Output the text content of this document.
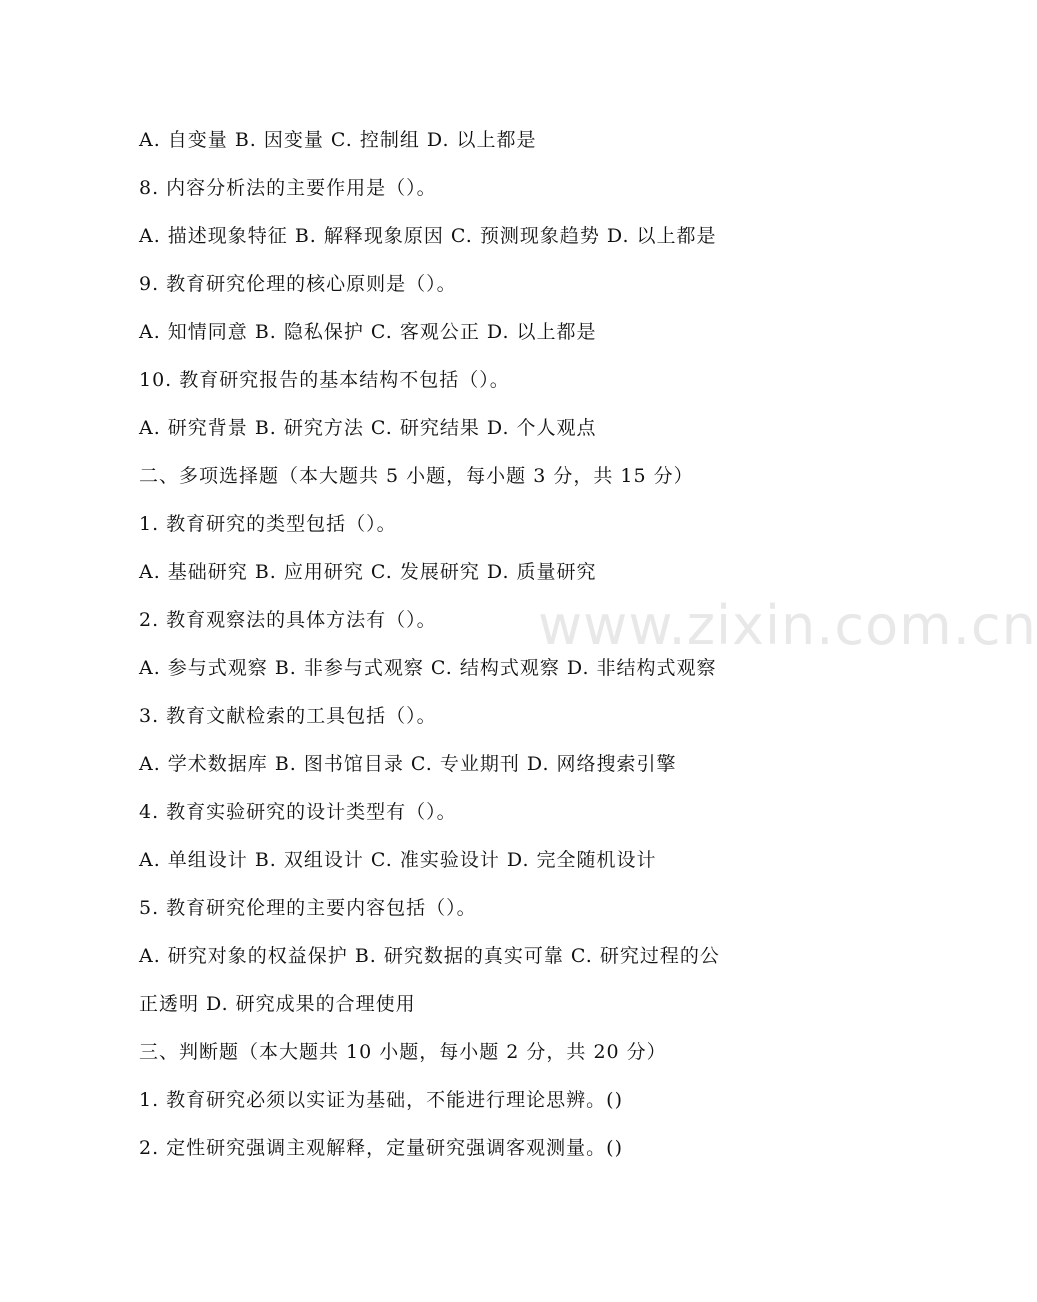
A. 自变量 B. 因变量 C. 控制组 D. 以上都是
8. 内容分析法的主要作用是（）。
A. 描述现象特征 B. 解释现象原因 C. 预测现象趋势 D. 以上都是
9. 教育研究伦理的核心原则是（）。
A. 知情同意 B. 隐私保护 C. 客观公正 D. 以上都是
10. 教育研究报告的基本结构不包括（）。
A. 研究背景 B. 研究方法 C. 研究结果 D. 个人观点
二、多项选择题（本大题共 5 小题，每小题 3 分，共 15 分）
1. 教育研究的类型包括（）。
A. 基础研究 B. 应用研究 C. 发展研究 D. 质量研究
2. 教育观察法的具体方法有（）。
A. 参与式观察 B. 非参与式观察 C. 结构式观察 D. 非结构式观察
3. 教育文献检索的工具包括（）。
A. 学术数据库 B. 图书馆目录 C. 专业期刊 D. 网络搜索引擎
4. 教育实验研究的设计类型有（）。
A. 单组设计 B. 双组设计 C. 准实验设计 D. 完全随机设计
5. 教育研究伦理的主要内容包括（）。
A. 研究对象的权益保护 B. 研究数据的真实可靠 C. 研究过程的公
正透明 D. 研究成果的合理使用
三、判断题（本大题共 10 小题，每小题 2 分，共 20 分）
1. 教育研究必须以实证为基础，不能进行理论思辨。()
2. 定性研究强调主观解释，定量研究强调客观测量。()
www.zixin.com.cn
